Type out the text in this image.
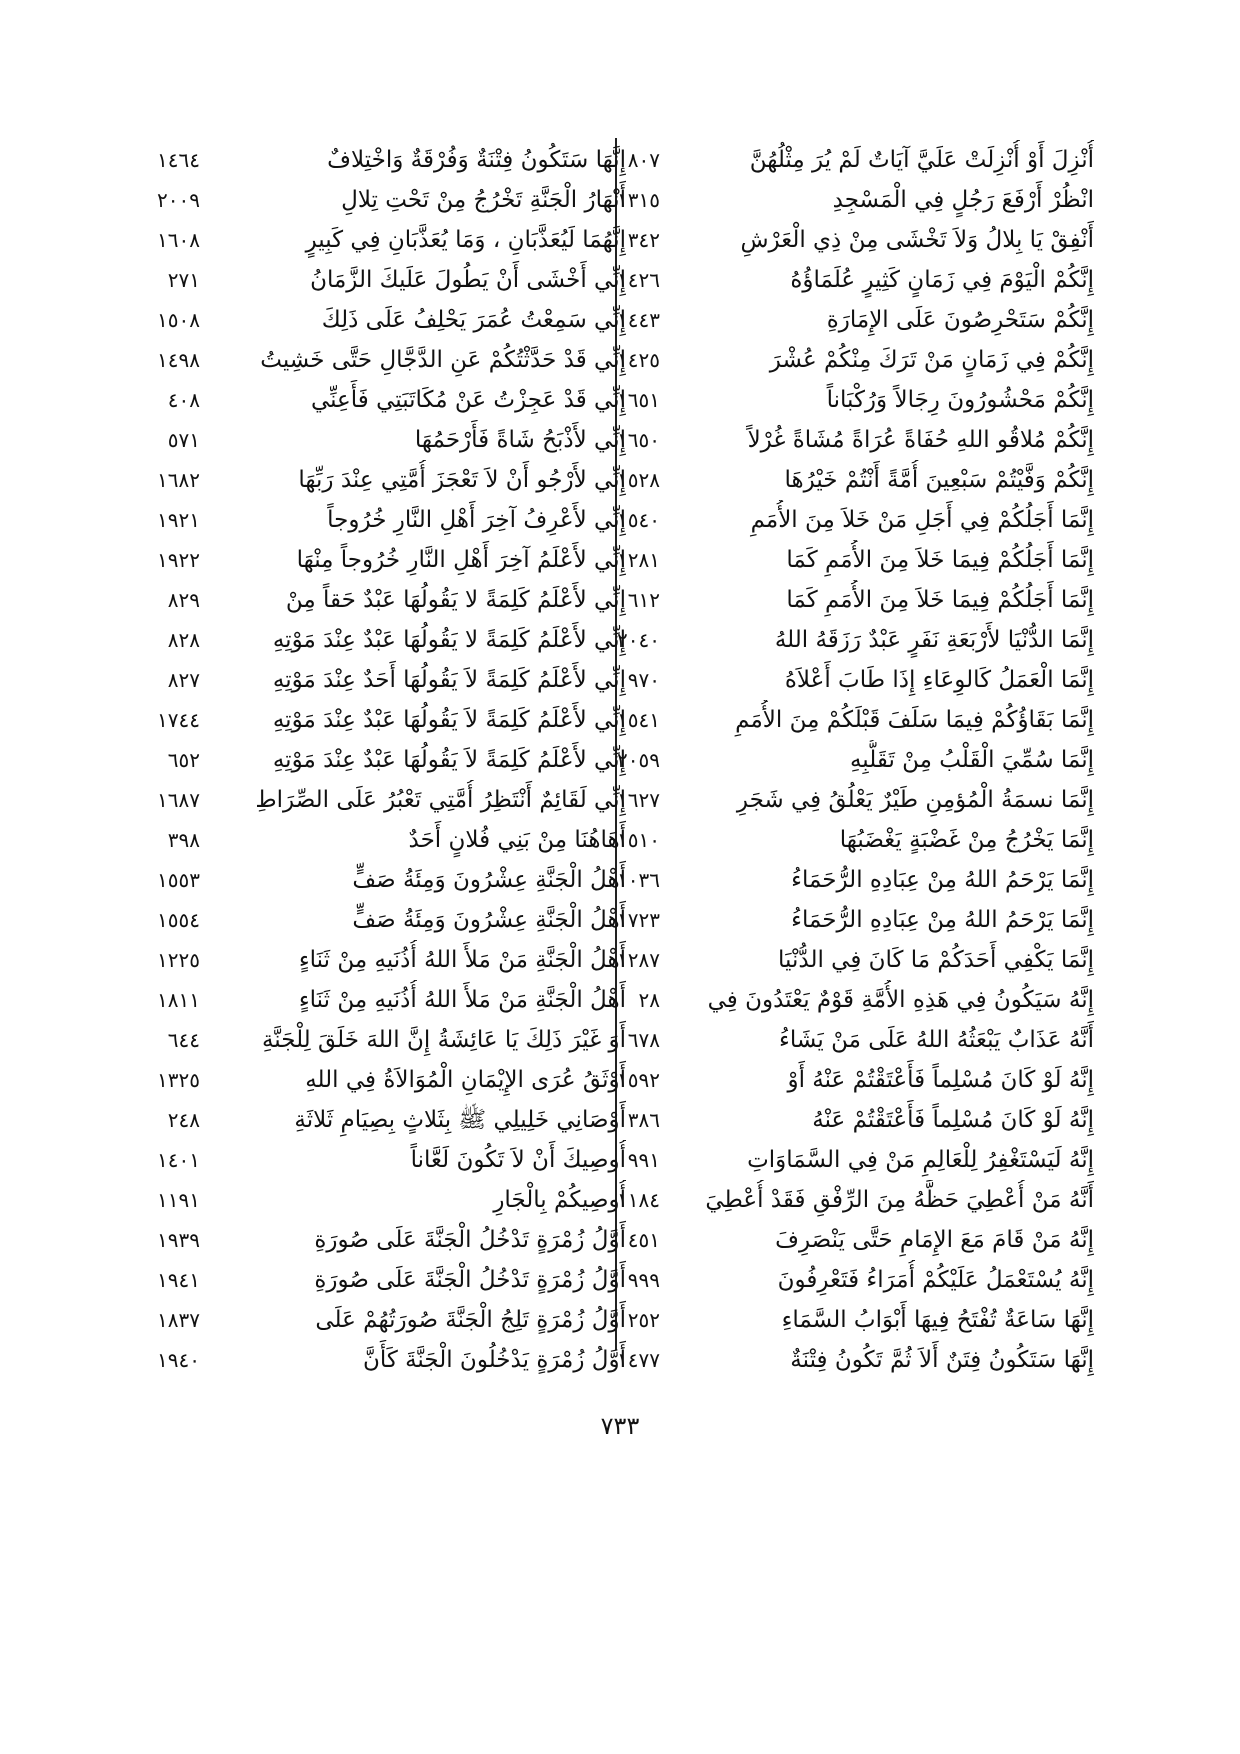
أُنْزِلَ أَوْ أُنْزِلَتْ عَلَيَّ آيَاتٌ لَمْ يُرَ مِثْلُهُنَّ
انْظُرْ أَرْفَعَ رَجُلٍ فِي الْمَسْجِدِ
أَنْفِقْ يَا بِلالُ وَلاَ تَخْشَى مِنْ ذِي الْعَرْشِ
إِنَّكُمْ الْيَوْمَ فِي زَمَانٍ كَثِيرٍ عُلَمَاؤُهُ
إِنَّكُمْ سَتَحْرِصُونَ عَلَى الإِمَارَةِ
إِنَّكُمْ فِي زَمَانٍ مَنْ تَرَكَ مِنْكُمْ عُشْرَ
إِنَّكُمْ مَحْشُورُونَ رِجَالاً وَرُكْبَاناً
إِنَّكُمْ مُلاقُو اللهِ حُفَاةً عُرَاةً مُشَاةً غُرْلاً
إِنَّكُمْ وَفَّيْتُمْ سَبْعِينَ أُمَّةً أَنْتُمْ خَيْرُهَا
إِنَّمَا أَجَلُكُمْ فِي أَجَلِ مَنْ خَلاَ مِنَ الأُمَمِ
إِنَّمَا أَجَلُكُمْ فِيمَا خَلاَ مِنَ الأُمَمِ كَمَا
إِنَّمَا أَجَلُكُمْ فِيمَا خَلاَ مِنَ الأُمَمِ كَمَا
إِنَّمَا الدُّنْيَا لأَرْبَعَةِ نَفَرٍ عَبْدٌ رَزَقَهُ اللهُ
إِنَّمَا الْعَمَلُ كَالوِعَاءِ إِذَا طَابَ أَعْلاَهُ
إِنَّمَا بَقَاؤُكُمْ فِيمَا سَلَفَ قَبْلَكُمْ مِنَ الأُمَمِ
إِنَّمَا سُمِّيَ الْقَلْبُ مِنْ تَقَلُّبِهِ
إِنَّمَا نسمَةُ الْمُؤمِنِ طَيْرٌ يَعْلُقُ فِي شَجَرِ
إِنَّمَا يَخْرُجُ مِنْ غَضْبَةٍ يَغْضَبُهَا
إِنَّمَا يَرْحَمُ اللهُ مِنْ عِبَادِهِ الرُّحَمَاءُ
إِنَّمَا يَرْحَمُ اللهُ مِنْ عِبَادِهِ الرُّحَمَاءُ
إِنَّمَا يَكْفِي أَحَدَكُمْ مَا كَانَ فِي الدُّنْيَا
إِنَّهُ سَيَكُونُ فِي هَذِهِ الأُمَّةِ قَوْمٌ يَعْتَدُونَ فِي
أَنَّهُ عَذَابٌ يَبْعَثُهُ اللهُ عَلَى مَنْ يَشَاءُ
إِنَّهُ لَوْ كَانَ مُسْلِماً فَأَعْتَقْتُمْ عَنْهُ أَوْ
إِنَّهُ لَوْ كَانَ مُسْلِماً فَأَعْتَقْتُمْ عَنْهُ
إِنَّهُ لَيَسْتَغْفِرُ لِلْعَالِمِ مَنْ فِي السَّمَاوَاتِ
أَنَّهُ مَنْ أُعْطِيَ حَظَّهُ مِنَ الرِّفْقِ فَقَدْ أُعْطِيَ
إِنَّهُ مَنْ قَامَ مَعَ الإِمَامِ حَتَّى يَنْصَرِفَ
إِنَّهُ يُسْتَعْمَلُ عَلَيْكُمْ أُمَرَاءُ فَتَعْرِفُونَ
إِنَّهَا سَاعَةٌ تُفْتَحُ فِيهَا أَبْوَابُ السَّمَاءِ
إِنَّهَا سَتَكُونُ فِتَنٌ أَلاَ ثُمَّ تَكُونُ فِتْنَةٌ
٨٠٧
١٣١٥
٣٤٢
١٤٢٦
١٤٤٣
١٤٢٥
١٦٥١
١٦٥٠
١٥٢٨
١٥٤٠
١٢٨١
٦١٢
٢٠٤٠
٩٧٠
١٥٤١
٢٠٥٩
١٦٢٧
١٥١٠
١٠٣٦
١٧٢٣
١٢٨٧
٢٨
٦٧٨
١٥٩٢
٣٨٦
٩٩١
١١٨٤
٤٥١
٩٩٩
٢٥٢
١٤٧٧
إِنَّهَا سَتَكُونُ فِتْنَةٌ وَفُرْقَةٌ وَاخْتِلافٌ
أَنْهَارُ الْجَنَّةِ تَخْرُجُ مِنْ تَحْتِ تِلالِ
إِنَّهُمَا لَيُعَذَّبَانِ ، وَمَا يُعَذَّبَانِ فِي كَبِيرٍ
إِنِّي أَخْشَى أَنْ يَطُولَ عَلَيكَ الزَّمَانُ
إِنِّي سَمِعْتُ عُمَرَ يَحْلِفُ عَلَى ذَلِكَ
إِنِّي قَدْ حَدَّثْتُكُمْ عَنِ الدَّجَّالِ حَتَّى خَشِيتُ
إِنِّي قَدْ عَجِزْتُ عَنْ مُكَاتَبَتِي فَأَعِنِّي
إِنِّي لأَذْبَحُ شَاةً فَأَرْحَمُهَا
إِنِّي لأَرْجُو أَنْ لاَ تَعْجَزَ أُمَّتِي عِنْدَ رَبِّهَا
إِنِّي لأَعْرِفُ آخِرَ أَهْلِ النَّارِ خُرُوجاً
إِنِّي لأَعْلَمُ آخِرَ أَهْلِ النَّارِ خُرُوجاً مِنْهَا
إِنِّي لأَعْلَمُ كَلِمَةً لا يَقُولُهَا عَبْدٌ حَقاً مِنْ
إِنِّي لأَعْلَمُ كَلِمَةً لا يَقُولُهَا عَبْدٌ عِنْدَ مَوْتِهِ
إِنِّي لأَعْلَمُ كَلِمَةً لاَ يَقُولُهَا أَحَدٌ عِنْدَ مَوْتِهِ
إِنِّي لأَعْلَمُ كَلِمَةً لاَ يَقُولُهَا عَبْدٌ عِنْدَ مَوْتِهِ
إِنِّي لأَعْلَمُ كَلِمَةً لاَ يَقُولُهَا عَبْدٌ عِنْدَ مَوْتِهِ
إِنِّي لَقَائِمٌ أَنْتَظِرُ أُمَّتِي تَعْبُرُ عَلَى الصِّرَاطِ
أَهَاهُنَا مِنْ بَنِي فُلانٍ أَحَدٌ
أَهْلُ الْجَنَّةِ عِشْرُونَ وَمِئَةُ صَفٍّ
أَهْلُ الْجَنَّةِ عِشْرُونَ وَمِئَةُ صَفٍّ
أَهْلُ الْجَنَّةِ مَنْ مَلأَ اللهُ أُذُنَيهِ مِنْ ثَنَاءٍ
أَهْلُ الْجَنَّةِ مَنْ مَلأَ اللهُ أُذُنَيهِ مِنْ ثَنَاءٍ
أَوَ غَيْرَ ذَلِكَ يَا عَائِشَةُ إِنَّ اللهَ خَلَقَ لِلْجَنَّةِ
أَوْثَقُ عُرَى الإِيْمَانِ الْمُوَالاَةُ فِي اللهِ
أَوْصَانِي خَلِيلِي ﷺ بِثَلاثٍ بِصِيَامِ ثَلاثَةِ
أُوصِيكَ أَنْ لاَ تَكُونَ لَعَّاناً
أُوصِيكُمْ بِالْجَارِ
أَوَّلُ زُمْرَةٍ تَدْخُلُ الْجَنَّةَ عَلَى صُورَةِ
أَوَّلُ زُمْرَةٍ تَدْخُلُ الْجَنَّةَ عَلَى صُورَةِ
أَوَّلُ زُمْرَةٍ تَلِجُ الْجَنَّةَ صُورَتُهُمْ عَلَى
أَوَّلُ زُمْرَةٍ يَدْخُلُونَ الْجَنَّةَ كَأَنَّ
١٤٦٤
٢٠٠٩
١٦٠٨
٢٧١
١٥٠٨
١٤٩٨
٤٠٨
٥٧١
١٦٨٢
١٩٢١
١٩٢٢
٨٢٩
٨٢٨
٨٢٧
١٧٤٤
٦٥٢
١٦٨٧
٣٩٨
١٥٥٣
١٥٥٤
١٢٢٥
١٨١١
٦٤٤
١٣٢٥
٢٤٨
١٤٠١
١١٩١
١٩٣٩
١٩٤١
١٨٣٧
١٩٤٠
٧٣٣
